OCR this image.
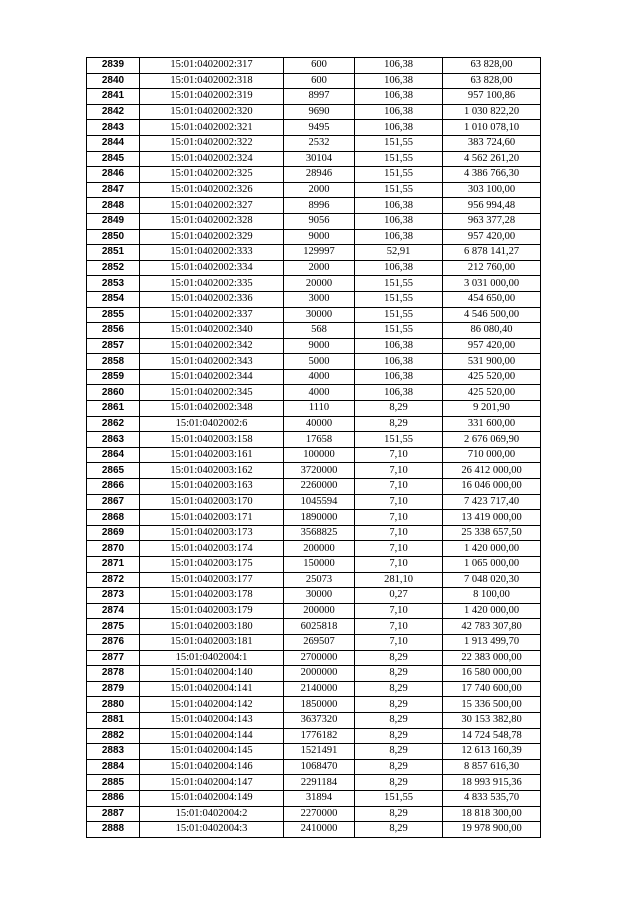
2839	15:01:0402002:317	600	106,38	63 828,00
2840	15:01:0402002:318	600	106,38	63 828,00
2841	15:01:0402002:319	8997	106,38	957 100,86
2842	15:01:0402002:320	9690	106,38	1 030 822,20
2843	15:01:0402002:321	9495	106,38	1 010 078,10
2844	15:01:0402002:322	2532	151,55	383 724,60
2845	15:01:0402002:324	30104	151,55	4 562 261,20
2846	15:01:0402002:325	28946	151,55	4 386 766,30
2847	15:01:0402002:326	2000	151,55	303 100,00
2848	15:01:0402002:327	8996	106,38	956 994,48
2849	15:01:0402002:328	9056	106,38	963 377,28
2850	15:01:0402002:329	9000	106,38	957 420,00
2851	15:01:0402002:333	129997	52,91	6 878 141,27
2852	15:01:0402002:334	2000	106,38	212 760,00
2853	15:01:0402002:335	20000	151,55	3 031 000,00
2854	15:01:0402002:336	3000	151,55	454 650,00
2855	15:01:0402002:337	30000	151,55	4 546 500,00
2856	15:01:0402002:340	568	151,55	86 080,40
2857	15:01:0402002:342	9000	106,38	957 420,00
2858	15:01:0402002:343	5000	106,38	531 900,00
2859	15:01:0402002:344	4000	106,38	425 520,00
2860	15:01:0402002:345	4000	106,38	425 520,00
2861	15:01:0402002:348	1110	8,29	9 201,90
2862	15:01:0402002:6	40000	8,29	331 600,00
2863	15:01:0402003:158	17658	151,55	2 676 069,90
2864	15:01:0402003:161	100000	7,10	710 000,00
2865	15:01:0402003:162	3720000	7,10	26 412 000,00
2866	15:01:0402003:163	2260000	7,10	16 046 000,00
2867	15:01:0402003:170	1045594	7,10	7 423 717,40
2868	15:01:0402003:171	1890000	7,10	13 419 000,00
2869	15:01:0402003:173	3568825	7,10	25 338 657,50
2870	15:01:0402003:174	200000	7,10	1 420 000,00
2871	15:01:0402003:175	150000	7,10	1 065 000,00
2872	15:01:0402003:177	25073	281,10	7 048 020,30
2873	15:01:0402003:178	30000	0,27	8 100,00
2874	15:01:0402003:179	200000	7,10	1 420 000,00
2875	15:01:0402003:180	6025818	7,10	42 783 307,80
2876	15:01:0402003:181	269507	7,10	1 913 499,70
2877	15:01:0402004:1	2700000	8,29	22 383 000,00
2878	15:01:0402004:140	2000000	8,29	16 580 000,00
2879	15:01:0402004:141	2140000	8,29	17 740 600,00
2880	15:01:0402004:142	1850000	8,29	15 336 500,00
2881	15:01:0402004:143	3637320	8,29	30 153 382,80
2882	15:01:0402004:144	1776182	8,29	14 724 548,78
2883	15:01:0402004:145	1521491	8,29	12 613 160,39
2884	15:01:0402004:146	1068470	8,29	8 857 616,30
2885	15:01:0402004:147	2291184	8,29	18 993 915,36
2886	15:01:0402004:149	31894	151,55	4 833 535,70
2887	15:01:0402004:2	2270000	8,29	18 818 300,00
2888	15:01:0402004:3	2410000	8,29	19 978 900,00
